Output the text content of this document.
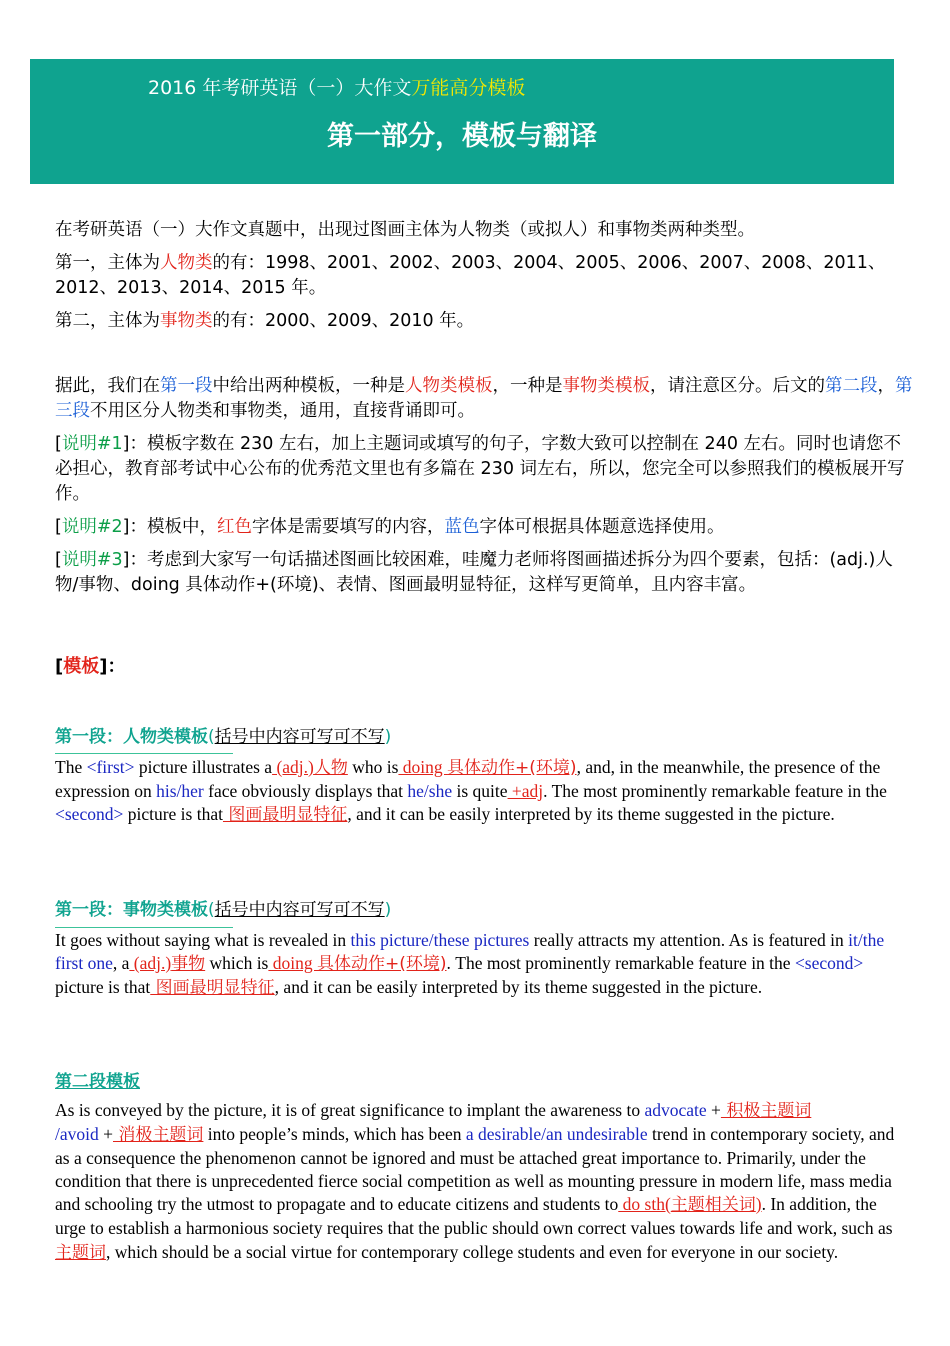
2016 年考研英语（一）大作文万能高分模板
第一部分，模板与翻译

在考研英语（一）大作文真题中，出现过图画主体为人物类（或拟人）和事物类两种类型。

第一，主体为人物类的有：1998、2001、2002、2003、2004、2005、2006、2007、2008、2011、2012、2013、2014、2015 年。

第二，主体为事物类的有：2000、2009、2010 年。

据此，我们在第一段中给出两种模板，一种是人物类模板，一种是事物类模板，请注意区分。后文的第二段，第三段不用区分人物类和事物类，通用，直接背诵即可。

[说明#1]：模板字数在 230 左右，加上主题词或填写的句子，字数大致可以控制在 240 左右。同时也请您不必担心，教育部考试中心公布的优秀范文里也有多篇在 230 词左右，所以，您完全可以参照我们的模板展开写作。

[说明#2]：模板中，红色字体是需要填写的内容，蓝色字体可根据具体题意选择使用。

[说明#3]：考虑到大家写一句话描述图画比较困难，哇魔力老师将图画描述拆分为四个要素，包括：(adj.)人物/事物、doing 具体动作+(环境)、表情、图画最明显特征，这样写更简单，且内容丰富。

[模板]：
第一段：人物类模板(括号中内容可写可不写)

The <first> picture illustrates a (adj.)人物 who is doing 具体动作+(环境), and, in the meanwhile, the presence of the expression on his/her face obviously displays that he/she is quite +adj. The most prominently remarkable feature in the <second> picture is that 图画最明显特征, and it can be easily interpreted by its theme suggested in the picture.

第一段：事物类模板(括号中内容可写可不写)

It goes without saying what is revealed in this picture/these pictures really attracts my attention. As is featured in it/the first one, a (adj.)事物 which is doing 具体动作+(环境). The most prominently remarkable feature in the <second> picture is that 图画最明显特征, and it can be easily interpreted by its theme suggested in the picture.

第二段模板

As is conveyed by the picture, it is of great significance to implant the awareness to advocate + 积极主题词
/avoid + 消极主题词 into people’s minds, which has been a desirable/an undesirable trend in contemporary society, and as a consequence the phenomenon cannot be ignored and must be attached great importance to. Primarily, under the condition that there is unprecedented fierce social competition as well as mounting pressure in modern life, mass media and schooling try the utmost to propagate and to educate citizens and students to do sth(主题相关词). In addition, the urge to establish a harmonious society requires that the public should own correct values towards life and work, such as 主题词, which should be a social virtue for contemporary college students and even for everyone in our society.
